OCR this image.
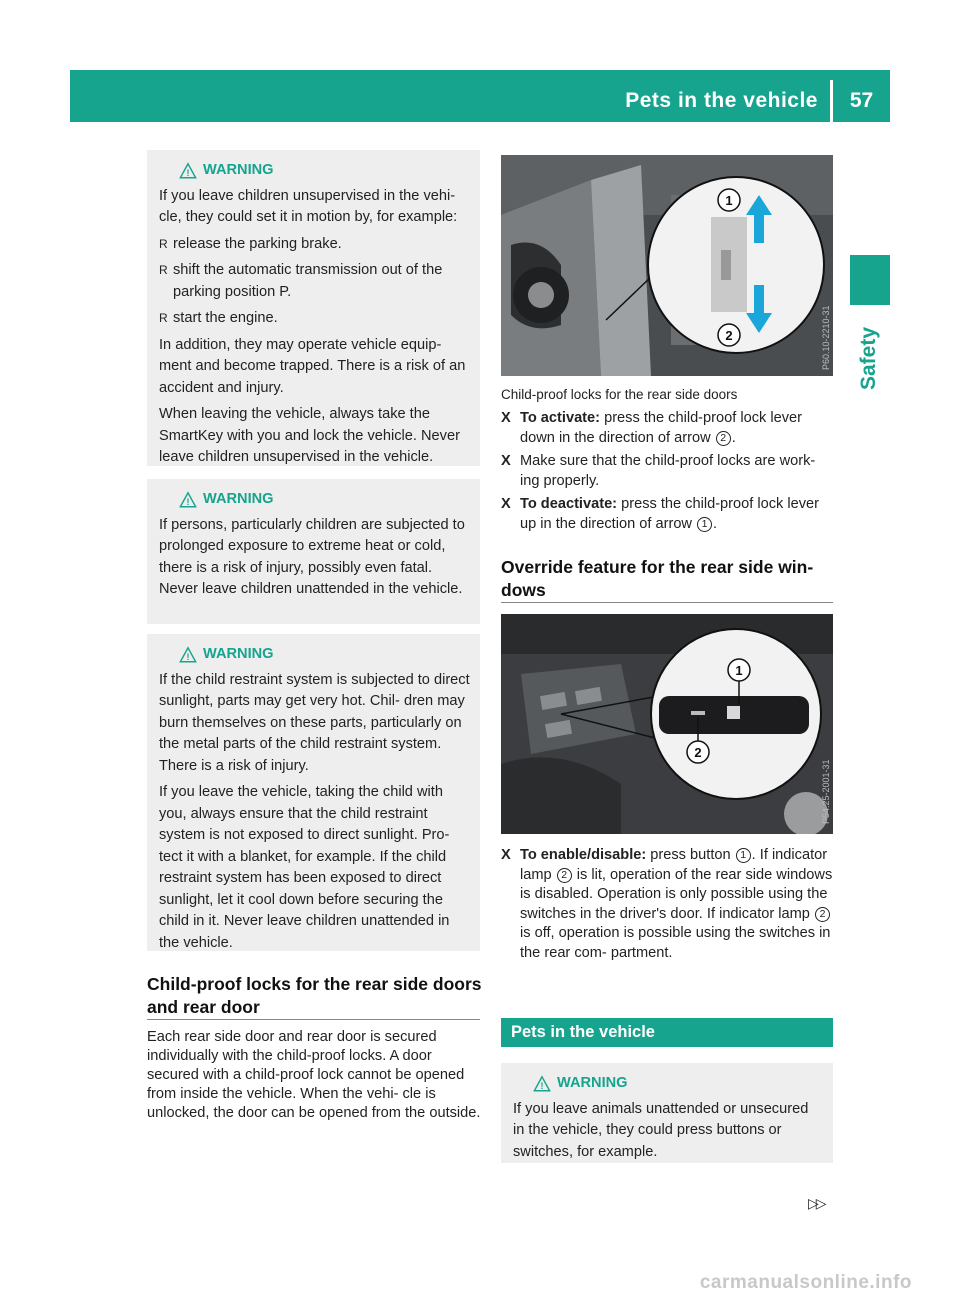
Pets in the vehicle	57
Safety
! WARNING

If you leave children unsupervised in the vehi- cle, they could set it in motion by, for example:

R release the parking brake.
R shift the automatic transmission out of the parking position P.
R start the engine.

In addition, they may operate vehicle equip- ment and become trapped. There is a risk of an accident and injury.

When leaving the vehicle, always take the SmartKey with you and lock the vehicle. Never leave children unsupervised in the vehicle.

! WARNING

If persons, particularly children are subjected to prolonged exposure to extreme heat or cold, there is a risk of injury, possibly even fatal. Never leave children unattended in the vehicle.

! WARNING

If the child restraint system is subjected to direct sunlight, parts may get very hot. Chil- dren may burn themselves on these parts, particularly on the metal parts of the child restraint system. There is a risk of injury.

If you leave the vehicle, taking the child with you, always ensure that the child restraint system is not exposed to direct sunlight. Pro- tect it with a blanket, for example. If the child restraint system has been exposed to direct sunlight, let it cool down before securing the child in it. Never leave children unattended in the vehicle.

Child-proof locks for the rear side doors and rear door
Each rear side door and rear door is secured individually with the child-proof locks. A door secured with a child-proof lock cannot be opened from inside the vehicle. When the vehi- cle is unlocked, the door can be opened from the outside.
1
2	P60.10-2210-31
Child-proof locks for the rear side doors
X To activate: press the child-proof lock lever down in the direction of arrow 2 .
X Make sure that the child-proof locks are work- ing properly.
X To deactivate: press the child-proof lock lever up in the direction of arrow 1 .
Override feature for the rear side win- dows
1
2
P54.25-2001-31
X To enable/disable: press button 1 . If indicator lamp 2 is lit, operation of the rear side windows is disabled. Operation is only possible using the switches in the driver's door. If indicator lamp 2 is off, operation is possible using the switches in the rear com- partment.
Pets in the vehicle
! WARNING

If you leave animals unattended or unsecured in the vehicle, they could press buttons or switches, for example.

▷▷
carmanualsonline.info
